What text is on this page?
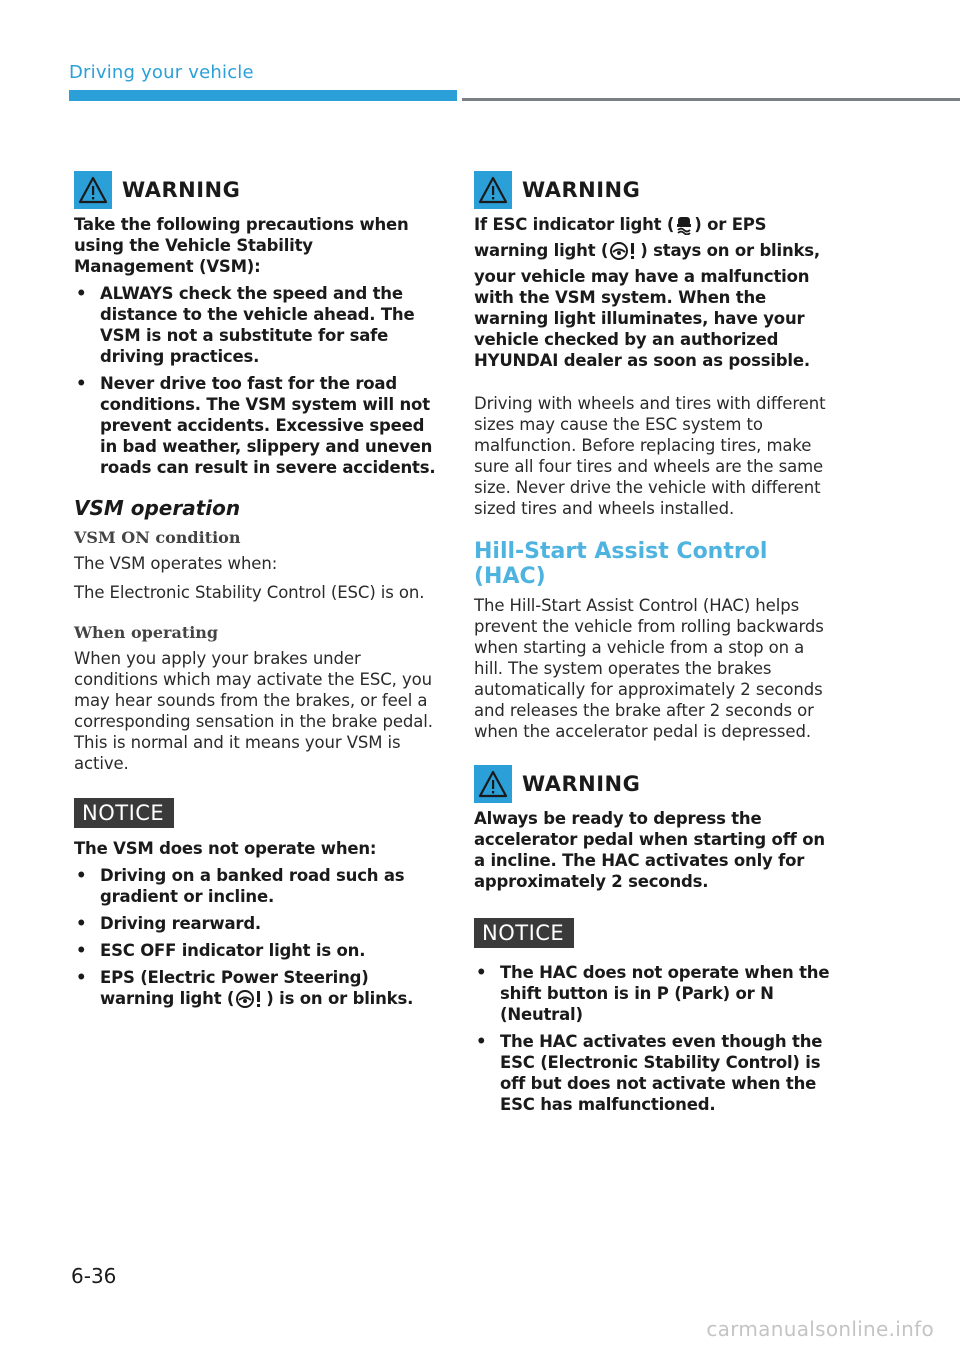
Driving your vehicle
WARNING

Take the following precautions when using the Vehicle Stability Management (VSM):

• ALWAYS check the speed and the distance to the vehicle ahead. The VSM is not a substitute for safe driving practices.
• Never drive too fast for the road conditions. The VSM system will not prevent accidents. Excessive speed in bad weather, slippery and uneven roads can result in severe accidents.

VSM operation

VSM ON condition

The VSM operates when:

The Electronic Stability Control (ESC) is on.

When operating

When you apply your brakes under conditions which may activate the ESC, you may hear sounds from the brakes, or feel a corresponding sensation in the brake pedal. This is normal and it means your VSM is active.

NOTICE

The VSM does not operate when:

• Driving on a banked road such as gradient or incline.
• Driving rearward.
• ESC OFF indicator light is on.
• EPS (Electric Power Steering) warning light ( ) is on or blinks.
WARNING

If ESC indicator light ( ) or EPS warning light ( ) stays on or blinks, your vehicle may have a malfunction with the VSM system. When the warning light illuminates, have your vehicle checked by an authorized HYUNDAI dealer as soon as possible.

Driving with wheels and tires with different sizes may cause the ESC system to malfunction. Before replacing tires, make sure all four tires and wheels are the same size. Never drive the vehicle with different sized tires and wheels installed.

Hill-Start Assist Control (HAC)

The Hill-Start Assist Control (HAC) helps prevent the vehicle from rolling backwards when starting a vehicle from a stop on a hill. The system operates the brakes automatically for approximately 2 seconds and releases the brake after 2 seconds or when the accelerator pedal is depressed.

WARNING

Always be ready to depress the accelerator pedal when starting off on a incline. The HAC activates only for approximately 2 seconds.

NOTICE
• The HAC does not operate when the shift button is in P (Park) or N (Neutral)
• The HAC activates even though the ESC (Electronic Stability Control) is off but does not activate when the ESC has malfunctioned.
6-36
carmanualsonline.info
